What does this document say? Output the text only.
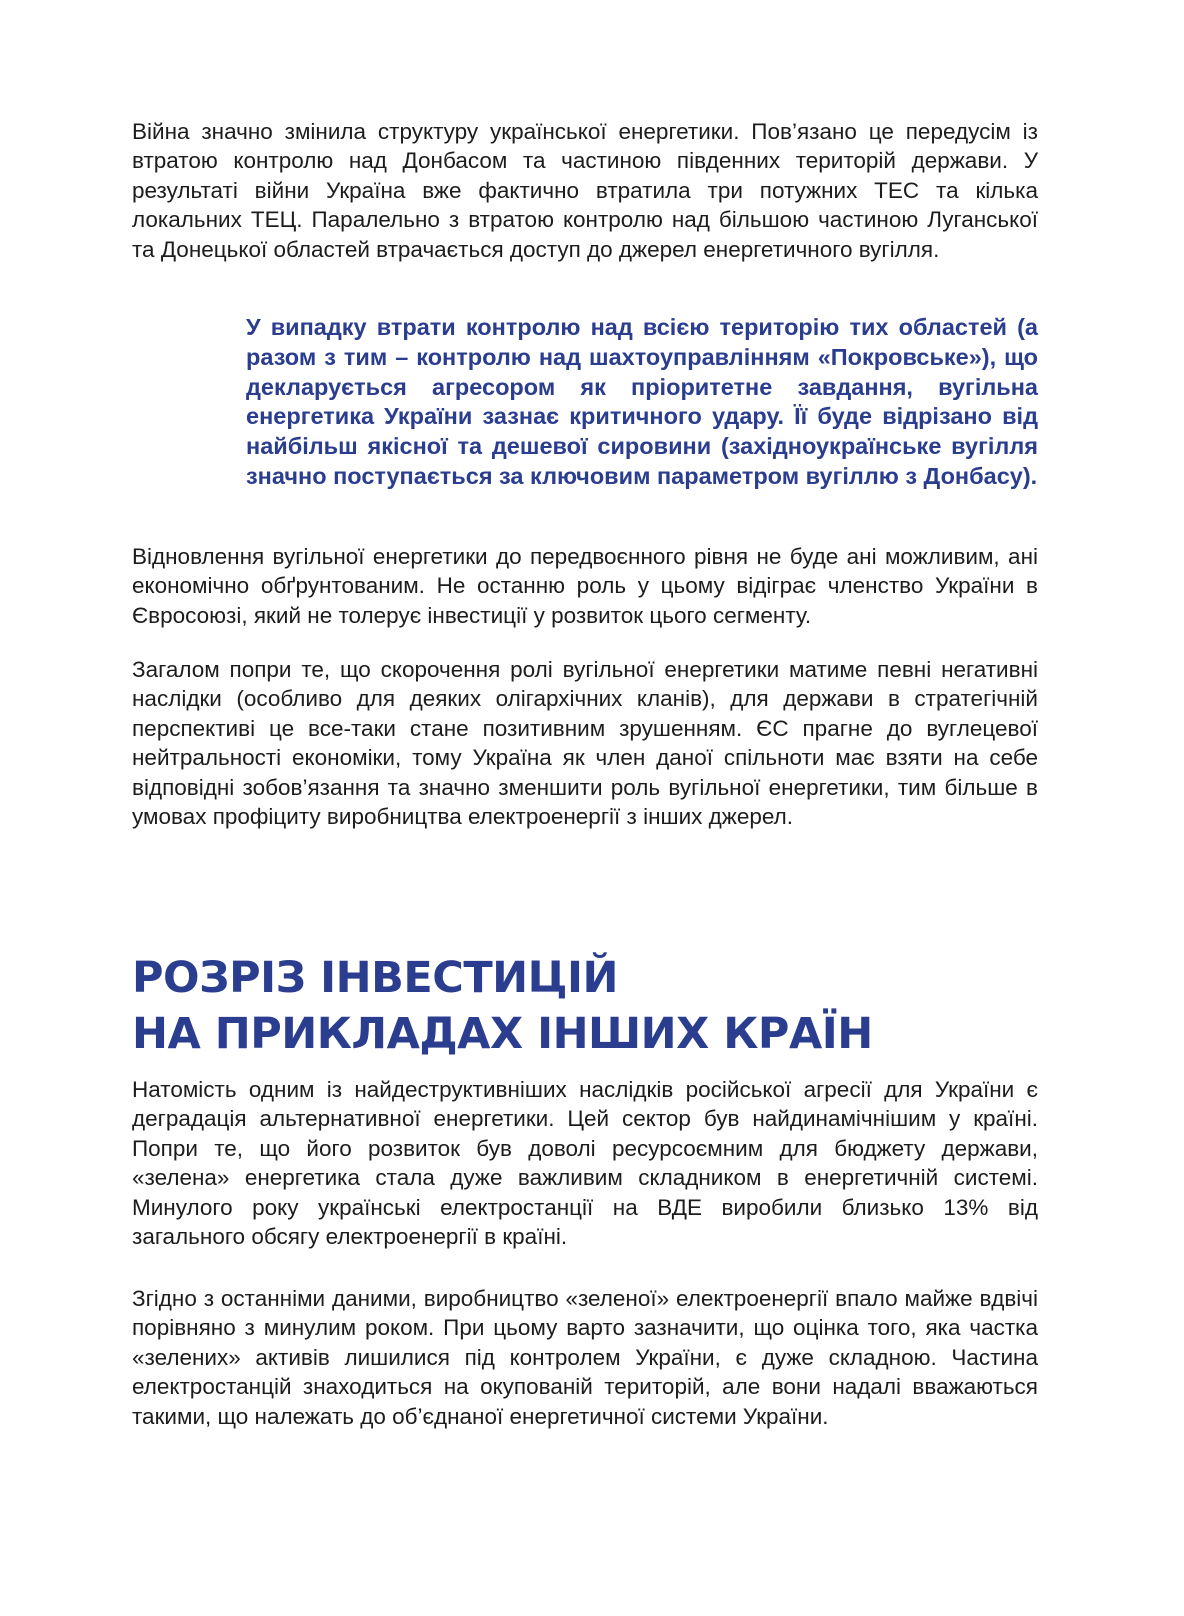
Війна значно змінила структуру української енергетики. Пов’язано це передусім із втратою контролю над Донбасом та частиною південних територій держави. У результаті війни Україна вже фактично втратила три потужних ТЕС та кілька локальних ТЕЦ. Паралельно з втратою контролю над більшою частиною Луганської та Донецької областей втрачається доступ до джерел енергетичного вугілля.

У випадку втрати контролю над всією територію тих областей (а разом з тим – контролю над шахтоуправлінням «Покровське»), що декларується агресором як пріоритетне завдання, вугільна енергетика України зазнає критичного удару. Її буде відрізано від найбільш якісної та дешевої сировини (західноукраїнське вугілля значно поступається за ключовим параметром вугіллю з Донбасу).

Відновлення вугільної енергетики до передвоєнного рівня не буде ані можливим, ані економічно обґрунтованим. Не останню роль у цьому відіграє членство України в Євросоюзі, який не толерує інвестиції у розвиток цього сегменту.

Загалом попри те, що скорочення ролі вугільної енергетики матиме певні негативні наслідки (особливо для деяких олігархічних кланів), для держави в стратегічній перспективі це все-таки стане позитивним зрушенням. ЄС прагне до вуглецевої нейтральності економіки, тому Україна як член даної спільноти має взяти на себе відповідні зобов’язання та значно зменшити роль вугільної енергетики, тим більше в умовах профіциту виробництва електроенергії з інших джерел.

РОЗРІЗ ІНВЕСТИЦІЙ
НА ПРИКЛАДАХ ІНШИХ КРАЇН

Натомість одним із найдеструктивніших наслідків російської агресії для України є деградація альтернативної енергетики. Цей сектор був найдинамічнішим у країні. Попри те, що його розвиток був доволі ресурсоємним для бюджету держави, «зелена» енергетика стала дуже важливим складником в енергетичній системі. Минулого року українські електростанції на ВДЕ виробили близько 13% від загального обсягу електроенергії в країні.

Згідно з останніми даними, виробництво «зеленої» електроенергії впало майже вдвічі порівняно з минулим роком. При цьому варто зазначити, що оцінка того, яка частка «зелених» активів лишилися під контролем України, є дуже складною. Частина електростанцій знаходиться на окупованій територій, але вони надалі вважаються такими, що належать до об’єднаної енергетичної системи України.
